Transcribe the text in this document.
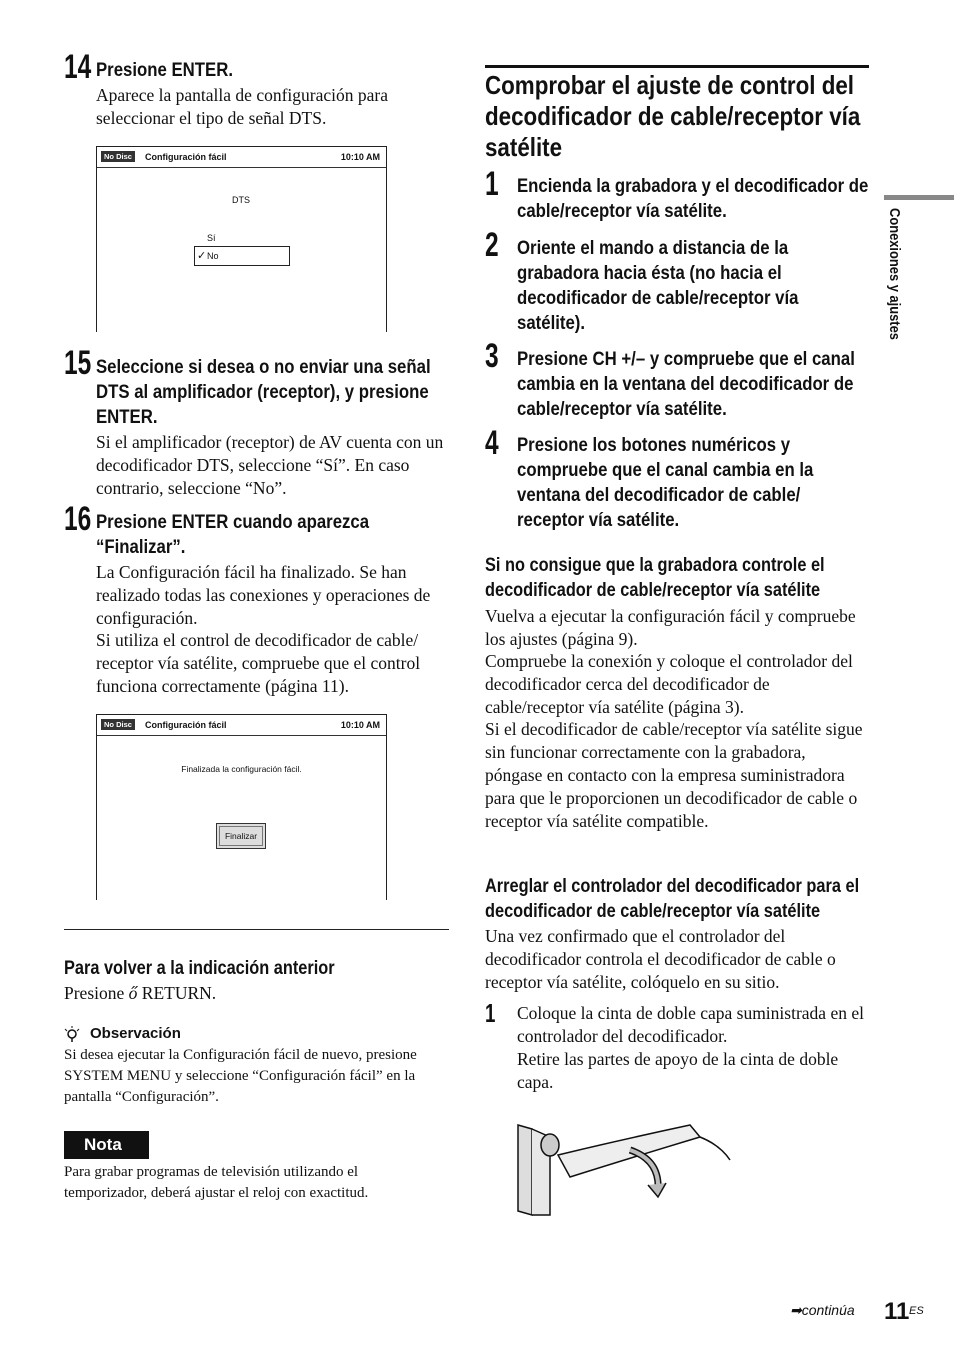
Conexiones y ajustes
14 Presione ENTER.
Aparece la pantalla de configuración para seleccionar el tipo de señal DTS.
No Disc	Configuración fácil	10:10 AM
DTS
Sí
✓ No
15 Seleccione si desea o no enviar una señal DTS al amplificador (receptor), y presione ENTER.
Si el amplificador (receptor) de AV cuenta con un decodificador DTS, seleccione “Sí”. En caso contrario, seleccione “No”.
16 Presione ENTER cuando aparezca “Finalizar”.
La Configuración fácil ha finalizado. Se han realizado todas las conexiones y operaciones de configuración.
Si utiliza el control de decodificador de cable/ receptor vía satélite, compruebe que el control funciona correctamente (página 11).
No Disc	Configuración fácil	10:10 AM
Finalizada la configuración fácil.
Finalizar
Para volver a la indicación anterior
Presione ő RETURN.
Observación
Si desea ejecutar la Configuración fácil de nuevo, presione SYSTEM MENU y seleccione “Configuración fácil” en la pantalla “Configuración”.
Nota
Para grabar programas de televisión utilizando el temporizador, deberá ajustar el reloj con exactitud.
Comprobar el ajuste de control del decodificador de cable/receptor vía satélite
1 Encienda la grabadora y el decodificador de cable/receptor vía satélite.
2 Oriente el mando a distancia de la grabadora hacia ésta (no hacia el decodificador de cable/receptor vía satélite).
3 Presione CH +/– y compruebe que el canal cambia en la ventana del decodificador de cable/receptor vía satélite.
4 Presione los botones numéricos y compruebe que el canal cambia en la ventana del decodificador de cable/ receptor vía satélite.
Si no consigue que la grabadora controle el decodificador de cable/receptor vía satélite
Vuelva a ejecutar la configuración fácil y compruebe los ajustes (página 9).
Compruebe la conexión y coloque el controlador del decodificador cerca del decodificador de cable/receptor vía satélite (página 3).
Si el decodificador de cable/receptor vía satélite sigue sin funcionar correctamente con la grabadora, póngase en contacto con la empresa suministradora para que le proporcionen un decodificador de cable o receptor vía satélite compatible.
Arreglar el controlador del decodificador para el decodificador de cable/receptor vía satélite
Una vez confirmado que el controlador del decodificador controla el decodificador de cable o receptor vía satélite, colóquelo en su sitio.
1 Coloque la cinta de doble capa suministrada en el controlador del decodificador.
Retire las partes de apoyo de la cinta de doble capa.
➡continúa 11 ES
